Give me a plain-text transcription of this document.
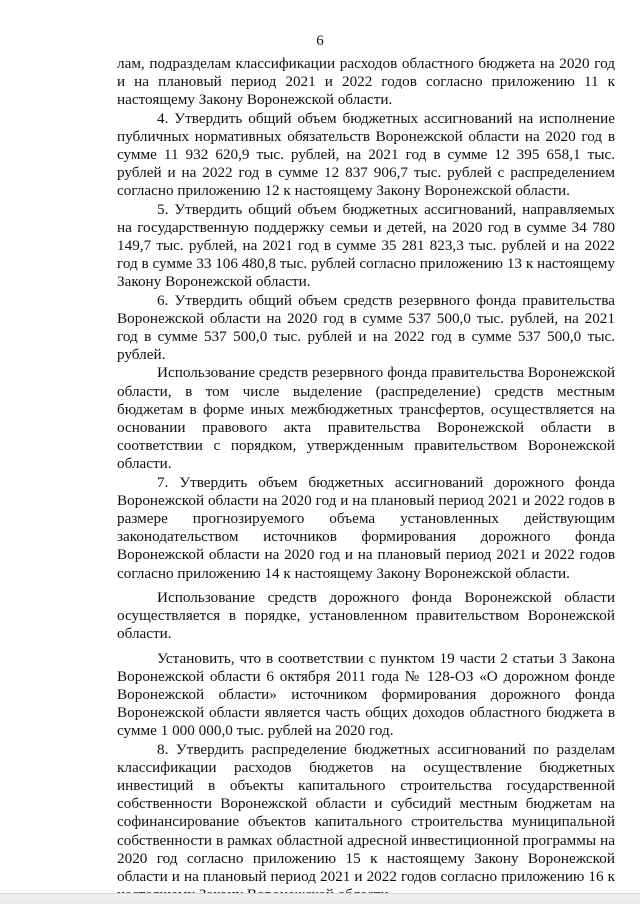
6

лам, подразделам классификации расходов областного бюджета на 2020 год и на плановый период 2021 и 2022 годов согласно приложению 11 к настоящему Закону Воронежской области.

4. Утвердить общий объем бюджетных ассигнований на исполнение публичных нормативных обязательств Воронежской области на 2020 год в сумме 11 932 620,9 тыс. рублей, на 2021 год в сумме 12 395 658,1 тыс. рублей и на 2022 год в сумме 12 837 906,7 тыс. рублей с распределением согласно приложению 12 к настоящему Закону Воронежской области.

5. Утвердить общий объем бюджетных ассигнований, направляемых на государственную поддержку семьи и детей, на 2020 год в сумме 34 780 149,7 тыс. рублей, на 2021 год в сумме 35 281 823,3 тыс. рублей и на 2022 год в сумме 33 106 480,8 тыс. рублей согласно приложению 13 к настоящему Закону Воронежской области.

6. Утвердить общий объем средств резервного фонда правительства Воронежской области на 2020 год в сумме 537 500,0 тыс. рублей, на 2021 год в сумме 537 500,0 тыс. рублей и на 2022 год в сумме 537 500,0 тыс. рублей.

Использование средств резервного фонда правительства Воронежской области, в том числе выделение (распределение) средств местным бюджетам в форме иных межбюджетных трансфертов, осуществляется на основании правового акта правительства Воронежской области в соответствии с порядком, утвержденным правительством Воронежской области.

7. Утвердить объем бюджетных ассигнований дорожного фонда Воронежской области на 2020 год и на плановый период 2021 и 2022 годов в размере прогнозируемого объема установленных действующим законодательством источников формирования дорожного фонда Воронежской области на 2020 год и на плановый период 2021 и 2022 годов согласно приложению 14 к настоящему Закону Воронежской области.

Использование средств дорожного фонда Воронежской области осуществляется в порядке, установленном правительством Воронежской области.

Установить, что в соответствии с пунктом 19 части 2 статьи 3 Закона Воронежской области 6 октября 2011 года № 128-ОЗ «О дорожном фонде Воронежской области» источником формирования дорожного фонда Воронежской области является часть общих доходов областного бюджета в сумме 1 000 000,0 тыс. рублей на 2020 год.

8. Утвердить распределение бюджетных ассигнований по разделам классификации расходов бюджетов на осуществление бюджетных инвестиций в объекты капитального строительства государственной собственности Воронежской области и субсидий местным бюджетам на софинансирование объектов капитального строительства муниципальной собственности в рамках областной адресной инвестиционной программы на 2020 год согласно приложению 15 к настоящему Закону Воронежской области и на плановый период 2021 и 2022 годов согласно приложению 16 к
